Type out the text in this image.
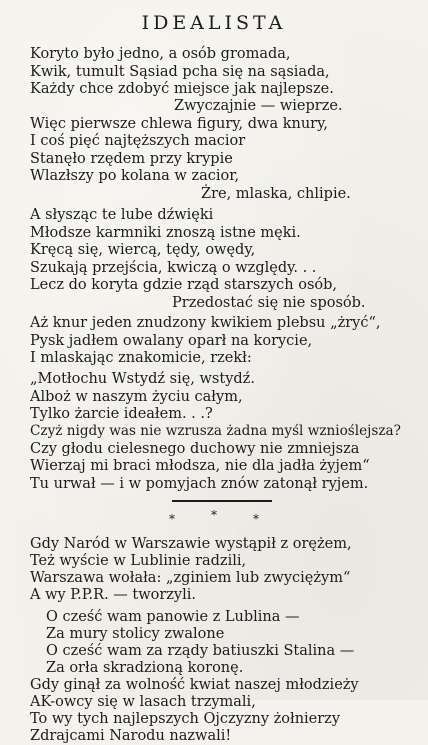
IDEALISTA
Koryto było jedno, a osób gromada,
Kwik, tumult Sąsiad pcha się na sąsiada,
Każdy chce zdobyć miejsce jak najlepsze.
Zwyczajnie — wieprze.
Więc pierwsze chlewa figury, dwa knury,
I coś pięć najtęższych macior
Stanęło rzędem przy krypie
Wlazłszy po kolana w zacior,
Żre, mlaska, chlipie.
A słysząc te lube dźwięki
Młodsze karmniki znoszą istne męki.
Kręcą się, wiercą, tędy, owędy,
Szukają przejścia, kwiczą o względy. . .
Lecz do koryta gdzie rząd starszych osób,
Przedostać się nie sposób.
Aż knur jeden znudzony kwikiem plebsu „żryć“,
Pysk jadłem owalany oparł na korycie,
I mlaskając znakomicie, rzekł:
„Motłochu Wstydź się, wstydź.
Alboż w naszym życiu całym,
Tylko żarcie ideałem. . .?
Czyż nigdy was nie wzrusza żadna myśl wznioślejsza?
Czy głodu cielesnego duchowy nie zmniejsza
Wierzaj mi braci młodsza, nie dla jadła żyjem“
Tu urwał — i w pomyjach znów zatonął ryjem.
*	*	*
Gdy Naród w Warszawie wystąpił z orężem,
Też wyście w Lublinie radzili,
Warszawa wołała: „zginiem lub zwyciężym“
A wy P.P.R. — tworzyli.
O cześć wam panowie z Lublina —
Za mury stolicy zwalone
O cześć wam za rządy batiuszki Stalina —
Za orła skradzioną koronę.
Gdy ginął za wolność kwiat naszej młodzieży
AK-owcy się w lasach trzymali,
To wy tych najlepszych Ojczyzny żołnierzy
Zdrajcami Narodu nazwali!
